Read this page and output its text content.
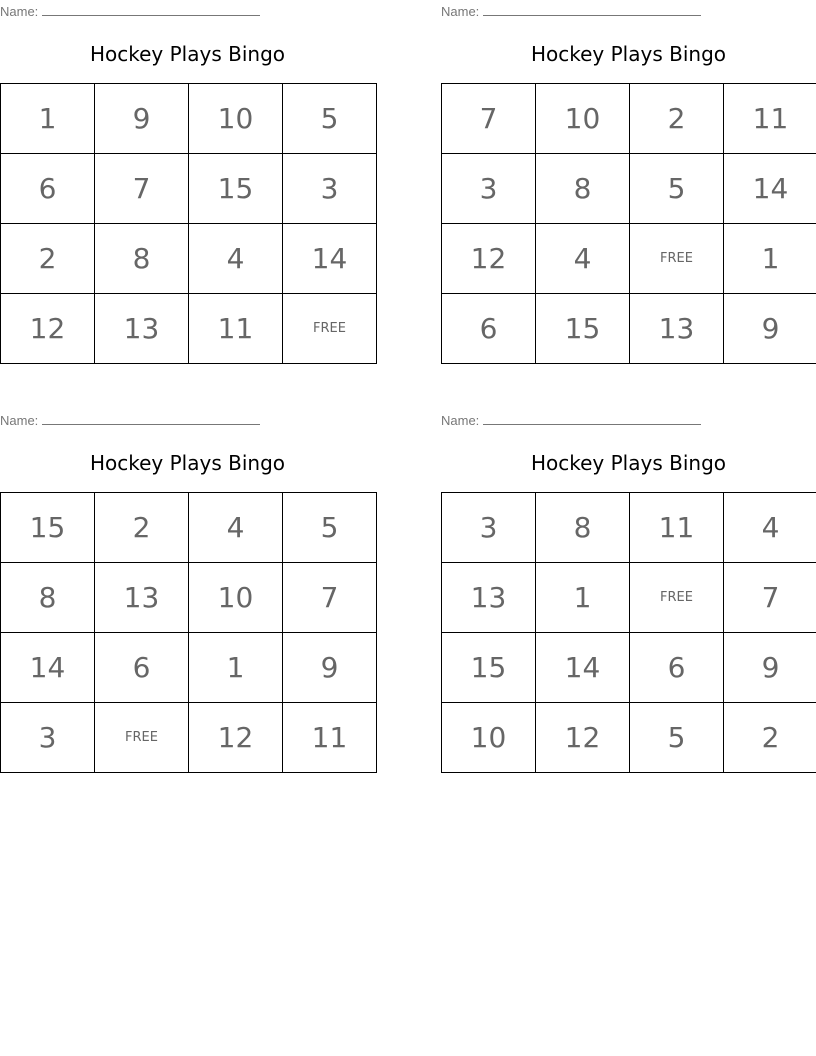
Name:
Hockey Plays Bingo
1	9	10	5
6	7	15	3
2	8	4	14
12	13	11	FREE
Name:
Hockey Plays Bingo
7	10	2	11
3	8	5	14
12	4	FREE	1
6	15	13	9
Name:
Hockey Plays Bingo
15	2	4	5
8	13	10	7
14	6	1	9
3	FREE	12	11
Name:
Hockey Plays Bingo
3	8	11	4
13	1	FREE	7
15	14	6	9
10	12	5	2
